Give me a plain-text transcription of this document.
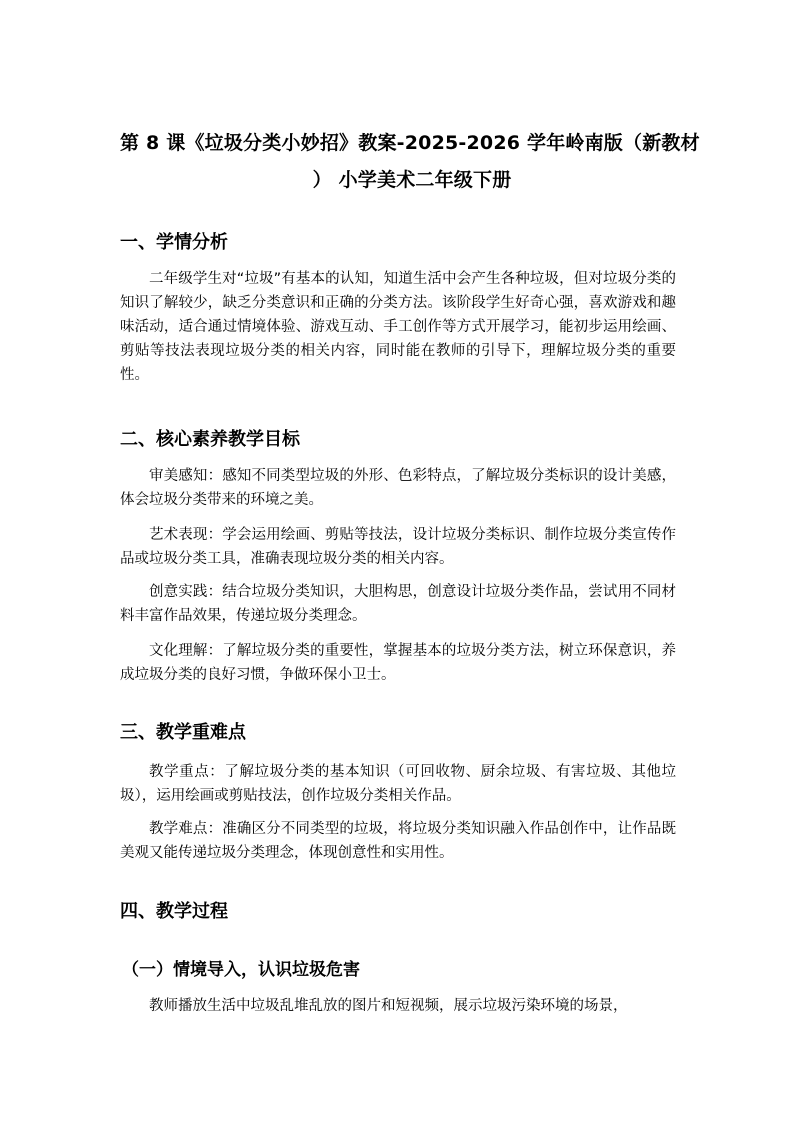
第 8 课《垃圾分类小妙招》教案-2025-2026 学年岭南版（新教材
） 小学美术二年级下册
一、学情分析
二年级学生对“垃圾”有基本的认知，知道生活中会产生各种垃圾，但对垃圾分类的知识了解较少，缺乏分类意识和正确的分类方法。该阶段学生好奇心强，喜欢游戏和趣味活动，适合通过情境体验、游戏互动、手工创作等方式开展学习，能初步运用绘画、剪贴等技法表现垃圾分类的相关内容，同时能在教师的引导下，理解垃圾分类的重要性。
二、核心素养教学目标
审美感知：感知不同类型垃圾的外形、色彩特点，了解垃圾分类标识的设计美感，体会垃圾分类带来的环境之美。
艺术表现：学会运用绘画、剪贴等技法，设计垃圾分类标识、制作垃圾分类宣传作品或垃圾分类工具，准确表现垃圾分类的相关内容。
创意实践：结合垃圾分类知识，大胆构思，创意设计垃圾分类作品，尝试用不同材料丰富作品效果，传递垃圾分类理念。
文化理解：了解垃圾分类的重要性，掌握基本的垃圾分类方法，树立环保意识，养成垃圾分类的良好习惯，争做环保小卫士。
三、教学重难点
教学重点：了解垃圾分类的基本知识（可回收物、厨余垃圾、有害垃圾、其他垃圾），运用绘画或剪贴技法，创作垃圾分类相关作品。
教学难点：准确区分不同类型的垃圾，将垃圾分类知识融入作品创作中，让作品既美观又能传递垃圾分类理念，体现创意性和实用性。
四、教学过程
（一）情境导入，认识垃圾危害
教师播放生活中垃圾乱堆乱放的图片和短视频，展示垃圾污染环境的场景，
